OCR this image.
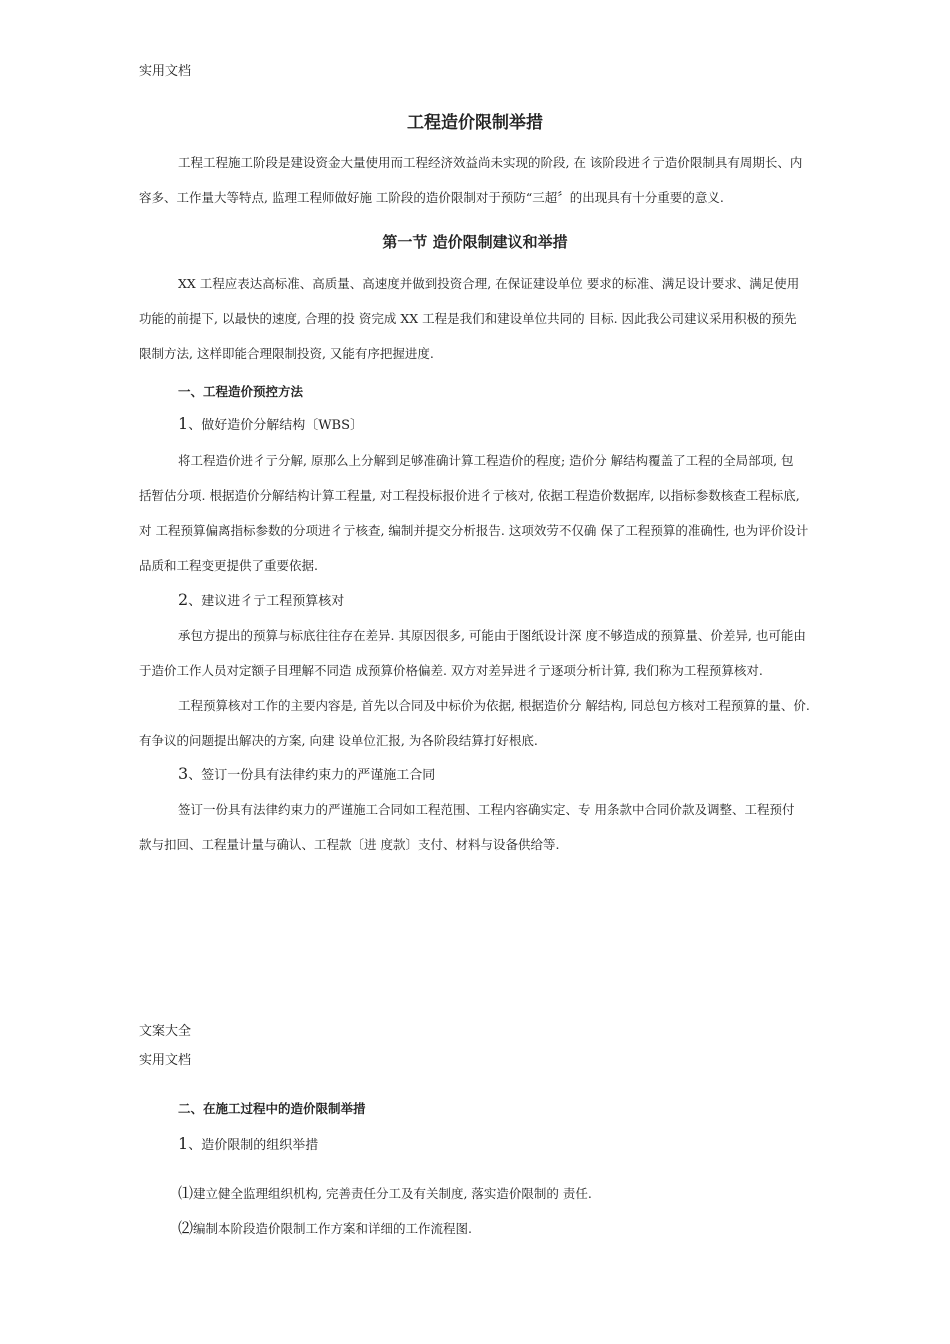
实用文档
工程造价限制举措
工程工程施工阶段是建设资金大量使用而工程经济效益尚未实现的阶段, 在 该阶段进彳亍造价限制具有周期长、内
容多、工作量大等特点, 监理工程师做好施 工阶段的造价限制对于预防“三超〞的出现具有十分重要的意义.
第一节 造价限制建议和举措
XX 工程应表达高标准、高质量、高速度并做到投资合理, 在保证建设单位 要求的标准、满足设计要求、满足使用
功能的前提下, 以最快的速度, 合理的投 资完成 XX 工程是我们和建设单位共同的 目标. 因此我公司建议采用积极的预先
限制方法, 这样即能合理限制投资, 又能有序把握进度.
一、工程造价预控方法
1、做好造价分解结构〔WBS〕
将工程造价进彳亍分解, 原那么上分解到足够准确计算工程造价的程度; 造价分 解结构覆盖了工程的全局部项, 包
括暂估分项. 根据造价分解结构计算工程量, 对工程投标报价进彳亍核对, 依据工程造价数据库, 以指标参数核查工程标底,
对 工程预算偏离指标参数的分项进彳亍核查, 编制并提交分析报告. 这项效劳不仅确 保了工程预算的准确性, 也为评价设计
品质和工程变更提供了重要依据.
2、建议进彳亍工程预算核对
承包方提出的预算与标底往往存在差异. 其原因很多, 可能由于图纸设计深 度不够造成的预算量、价差异, 也可能由
于造价工作人员对定额子目理解不同造 成预算价格偏差. 双方对差异进彳亍逐项分析计算, 我们称为工程预算核对.
工程预算核对工作的主要内容是, 首先以合同及中标价为依据, 根据造价分 解结构, 同总包方核对工程预算的量、价.
有争议的问题提出解决的方案, 向建 设单位汇报, 为各阶段结算打好根底.
3、签订一份具有法律约束力的严谨施工合同
签订一份具有法律约束力的严谨施工合同如工程范围、工程内容确实定、专 用条款中合同价款及调整、工程预付
款与扣回、工程量计量与确认、工程款〔进 度款〕支付、材料与设备供给等.
文案大全
实用文档
二、在施工过程中的造价限制举措
1、造价限制的组织举措
⑴建立健全监理组织机构, 完善责任分工及有关制度, 落实造价限制的 责任.
⑵编制本阶段造价限制工作方案和详细的工作流程图.
